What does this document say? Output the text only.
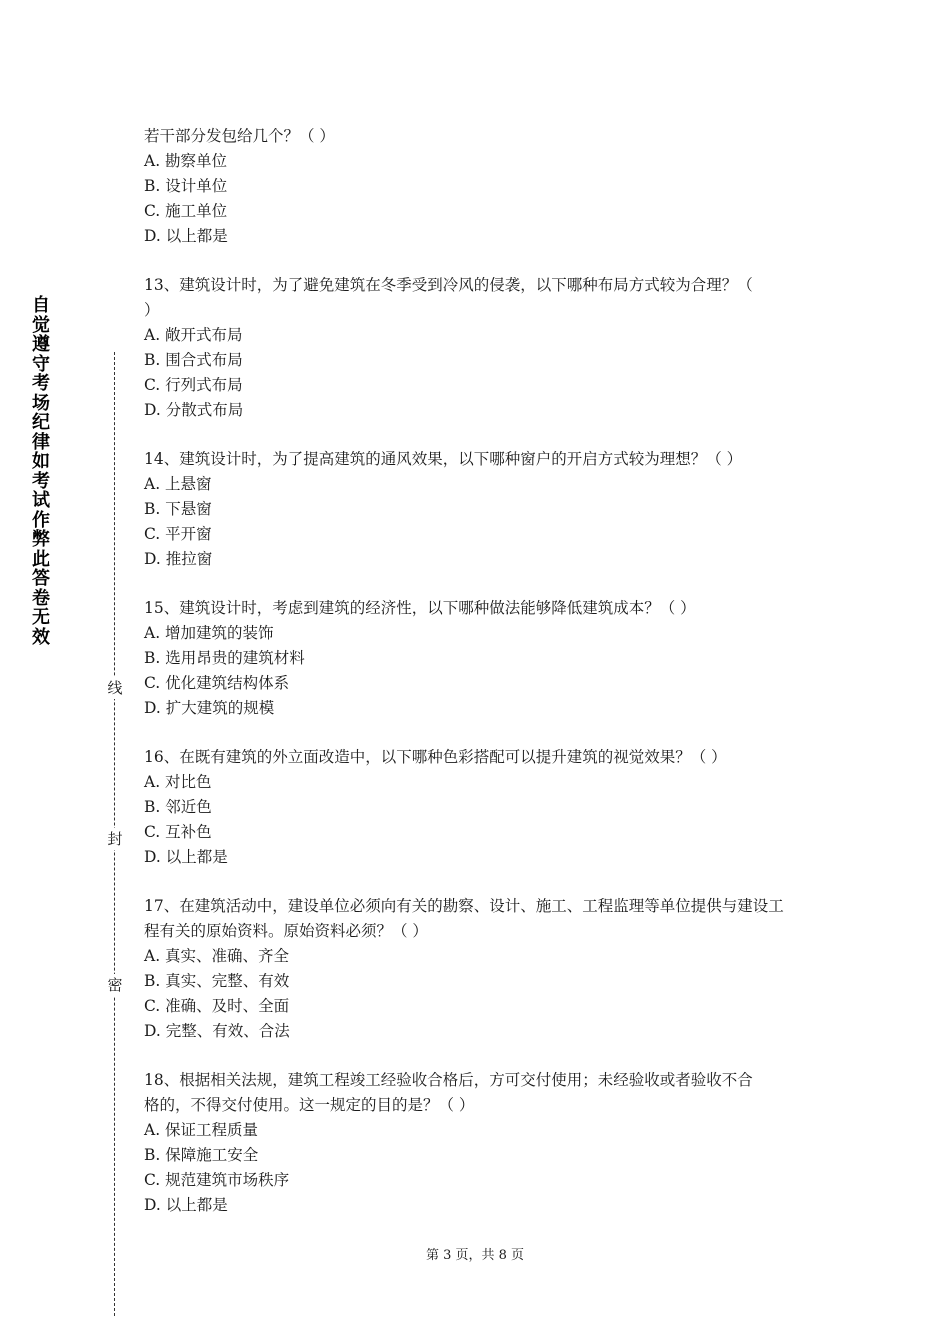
自觉遵守考场纪律如考试作弊此答卷无效
线
封
密
若干部分发包给几个？（ ）
A. 勘察单位
B. 设计单位
C. 施工单位
D. 以上都是
13、建筑设计时，为了避免建筑在冬季受到冷风的侵袭，以下哪种布局方式较为合理？（
）
A. 敞开式布局
B. 围合式布局
C. 行列式布局
D. 分散式布局
14、建筑设计时，为了提高建筑的通风效果，以下哪种窗户的开启方式较为理想？（ ）
A. 上悬窗
B. 下悬窗
C. 平开窗
D. 推拉窗
15、建筑设计时，考虑到建筑的经济性，以下哪种做法能够降低建筑成本？（ ）
A. 增加建筑的装饰
B. 选用昂贵的建筑材料
C. 优化建筑结构体系
D. 扩大建筑的规模
16、在既有建筑的外立面改造中，以下哪种色彩搭配可以提升建筑的视觉效果？（ ）
A. 对比色
B. 邻近色
C. 互补色
D. 以上都是
17、在建筑活动中，建设单位必须向有关的勘察、设计、施工、工程监理等单位提供与建设工
程有关的原始资料。原始资料必须？（ ）
A. 真实、准确、齐全
B. 真实、完整、有效
C. 准确、及时、全面
D. 完整、有效、合法
18、根据相关法规，建筑工程竣工经验收合格后，方可交付使用；未经验收或者验收不合
格的，不得交付使用。这一规定的目的是？（ ）
A. 保证工程质量
B. 保障施工安全
C. 规范建筑市场秩序
D. 以上都是
第 3 页，共 8 页
